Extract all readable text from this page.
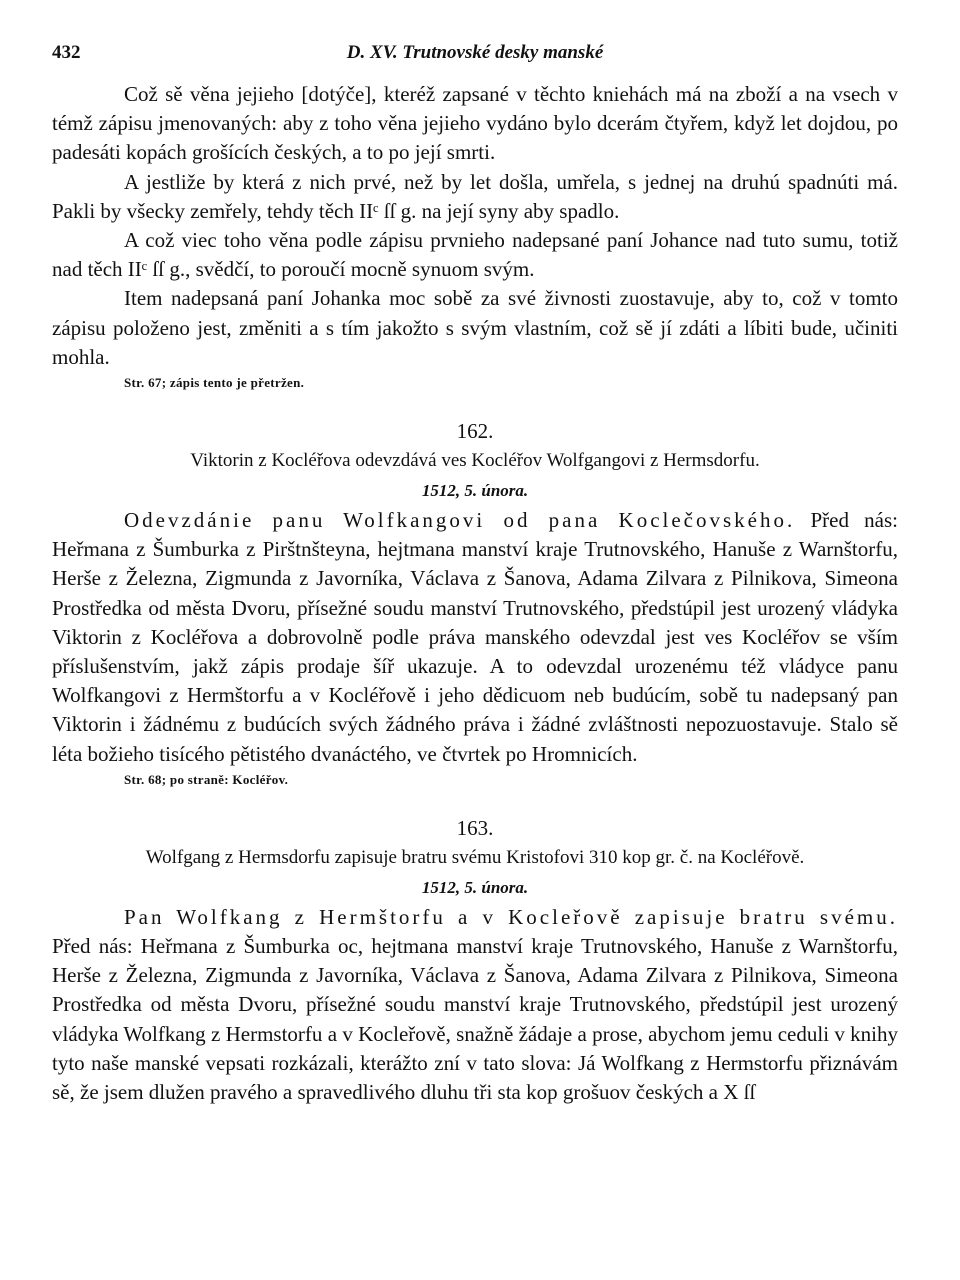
432	D. XV. Trutnovské desky manské

Což sě věna jejieho [dotýče], kteréž zapsané v těchto kniehách má na zboží a na vsech v témž zápisu jmenovaných: aby z toho věna jejieho vydáno bylo dcerám čtyřem, když let dojdou, po padesáti kopách grošících českých, a to po její smrti.

A jestliže by která z nich prvé, než by let došla, umřela, s jednej na druhú spadnúti má. Pakli by všecky zemřely, tehdy těch IIᶜ ſſ g. na její syny aby spadlo.

A což viec toho věna podle zápisu prvnieho nadepsané paní Johance nad tuto sumu, totiž nad těch IIᶜ ſſ g., svědčí, to poroučí mocně synuom svým.

Item nadepsaná paní Johanka moc sobě za své živnosti zuostavuje, aby to, což v tomto zápisu položeno jest, změniti a s tím jakožto s svým vlastním, což sě jí zdáti a líbiti bude, učiniti mohla.

Str. 67; zápis tento je přetržen.

162.

Viktorin z Kocléřova odevzdává ves Kocléřov Wolfgangovi z Hermsdorfu.

1512, 5. února.

Odevzdánie panu Wolfkangovi od pana Koclečovského. Před nás: Heřmana z Šumburka z Pirštnšteyna, hejtmana manství kraje Trutnovského, Hanuše z Warnštorfu, Heršе z Železna, Zigmunda z Javorníka, Václava z Šanova, Adama Zilvara z Pilnikova, Simeona Prostředka od města Dvoru, přísežné soudu manství Trutnovského, předstúpil jest urozený vládyka Viktorin z Kocléřova a dobrovolně podle práva manského odevzdal jest ves Kocléřov se vším příslušenstvím, jakž zápis prodaje šíř ukazuje. A to odevzdal urozenému též vládyce panu Wolfkangovi z Hermštorfu a v Kocléřově i jeho dědicuom neb budúcím, sobě tu nadepsaný pan Viktorin i žádnému z budúcích svých žádného práva i žádné zvláštnosti nepozuostavuje. Stalo sě léta božieho tisícého pětistého dvanáctého, ve čtvrtek po Hromnicích.

Str. 68; po straně: Kocléřov.

163.

Wolfgang z Hermsdorfu zapisuje bratru svému Kristofovi 310 kop gr. č. na Kocléřově.

1512, 5. února.

Pan Wolfkang z Hermštorfu a v Kocleřově zapisuje bratru svému. Před nás: Heřmana z Šumburka oc, hejtmana manství kraje Trutnovského, Hanuše z Warnštorfu, Heršе z Železna, Zigmunda z Javorníka, Václava z Šanova, Adama Zilvara z Pilnikova, Simeona Prostředka od města Dvoru, přísežné soudu manství kraje Trutnovského, předstúpil jest urozený vládyka Wolfkang z Hermstorfu a v Kocleřově, snažně žádaje a prose, abychom jemu ceduli v knihy tyto naše manské vepsati rozkázali, kterážto zní v tato slova: Já Wolfkang z Hermstorfu přiznávám sě, že jsem dlužen pravého a spravedlivého dluhu tři sta kop grošuov českých a X ſſ
